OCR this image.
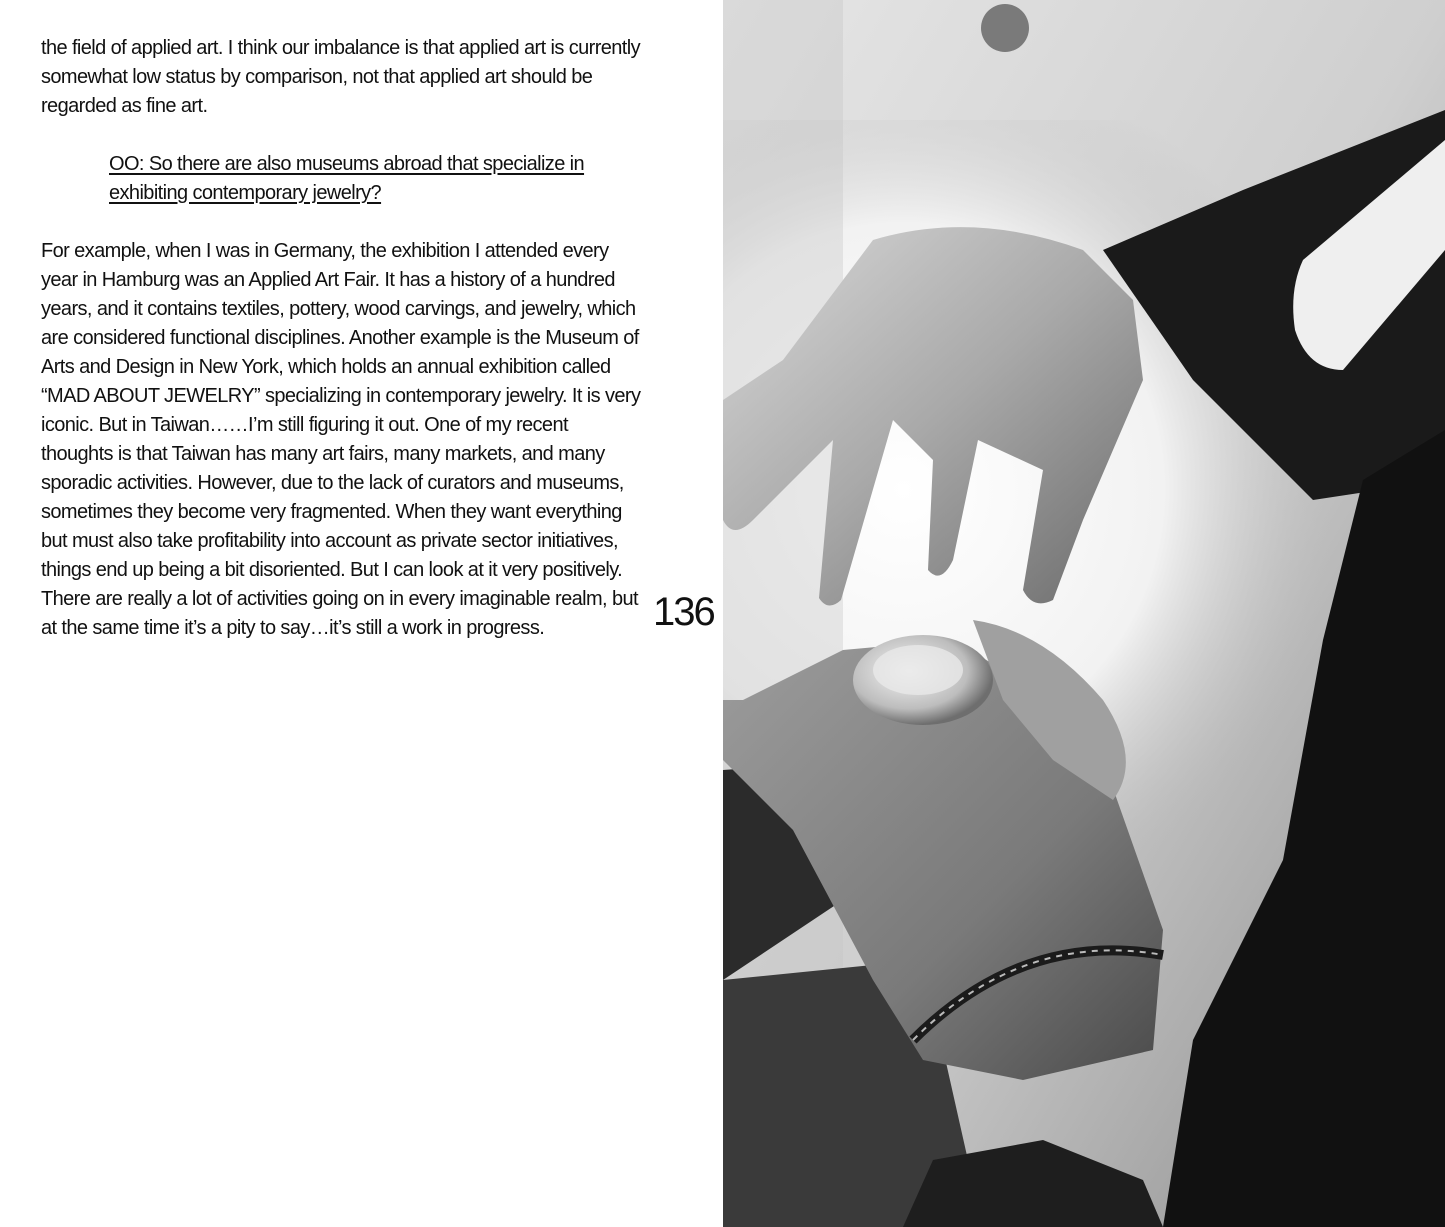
the field of applied art. I think our imbalance is that applied art is currently somewhat low status by comparison, not that applied art should be regarded as fine art.

OO: So there are also museums abroad that specialize in exhibiting contemporary jewelry?

For example, when I was in Germany, the exhibition I attended every year in Hamburg was an Applied Art Fair. It has a history of a hundred years, and it contains textiles, pottery, wood carvings, and jewelry, which are considered functional disciplines. Another example is the Museum of Arts and Design in New York, which holds an annual exhibition called “MAD ABOUT JEWELRY” specializing in contemporary jewelry. It is very iconic. But in Taiwan……I’m still figuring it out. One of my recent thoughts is that Taiwan has many art fairs, many markets, and many sporadic activities. However, due to the lack of curators and museums, sometimes they become very fragmented. When they want everything but must also take profitability into account as private sector initiatives, things end up being a bit disoriented. But I can look at it very positively. There are really a lot of activities going on in every imaginable realm, but at the same time it’s a pity to say…it’s still a work in progress.	136
